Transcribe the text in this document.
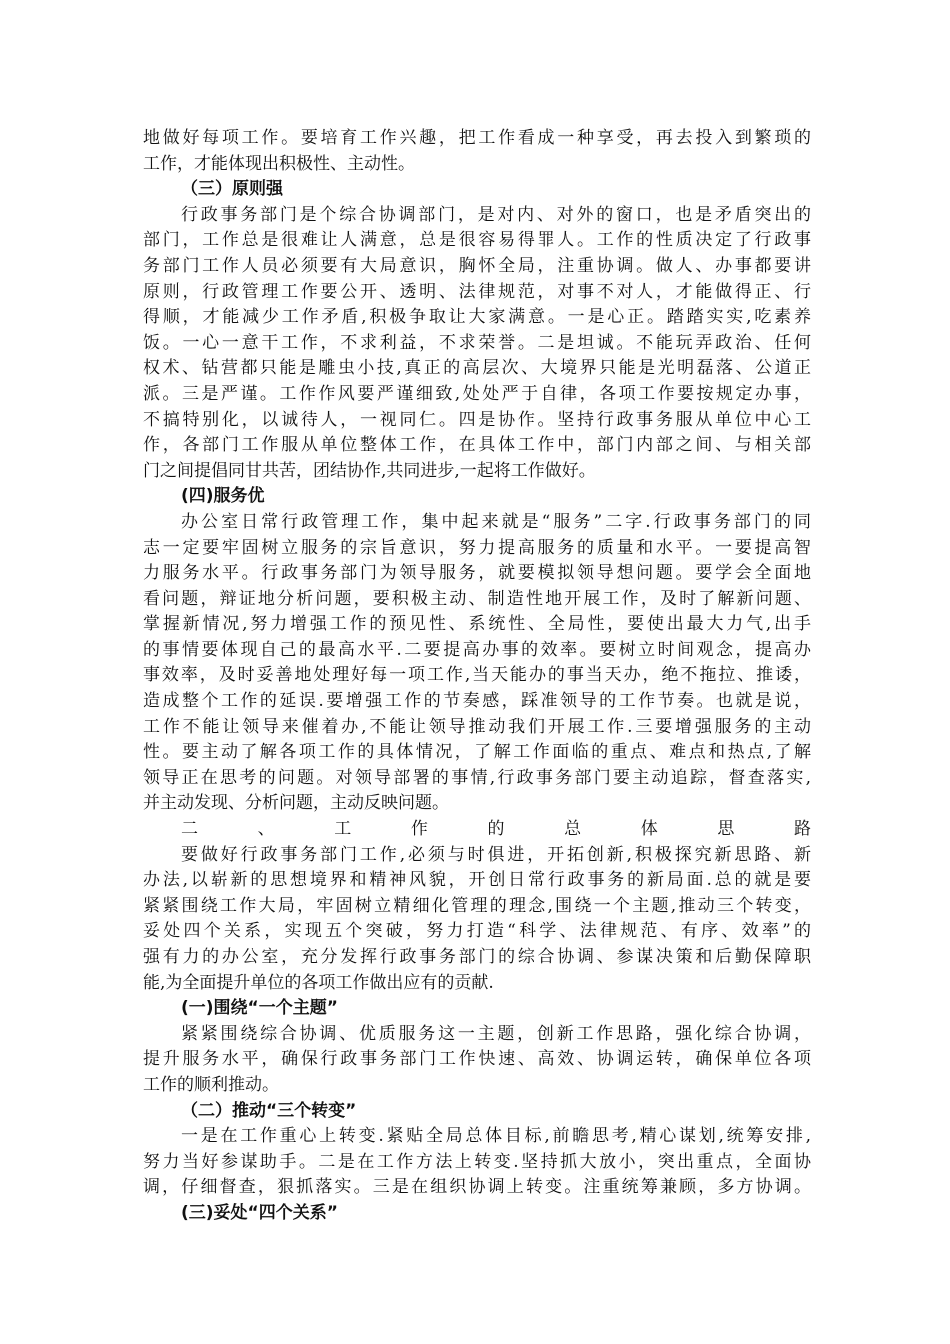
地做好每项工作。要培育工作兴趣，把工作看成一种享受，再去投入到繁琐的
工作，才能体现出积极性、主动性。
（三）原则强
行政事务部门是个综合协调部门，是对内、对外的窗口，也是矛盾突出的
部门，工作总是很难让人满意，总是很容易得罪人。工作的性质决定了行政事
务部门工作人员必须要有大局意识，胸怀全局，注重协调。做人、办事都要讲
原则，行政管理工作要公开、透明、法律规范，对事不对人，才能做得正、行
得顺，才能减少工作矛盾,积极争取让大家满意。一是心正。踏踏实实,吃素养
饭。一心一意干工作，不求利益，不求荣誉。二是坦诚。不能玩弄政治、任何
权术、钻营都只能是雕虫小技,真正的高层次、大境界只能是光明磊落、公道正
派。三是严谨。工作作风要严谨细致,处处严于自律，各项工作要按规定办事，
不搞特别化，以诚待人，一视同仁。四是协作。坚持行政事务服从单位中心工
作，各部门工作服从单位整体工作，在具体工作中，部门内部之间、与相关部
门之间提倡同甘共苦，团结协作,共同进步,一起将工作做好。
(四)服务优
办公室日常行政管理工作，集中起来就是“服务”二字.行政事务部门的同
志一定要牢固树立服务的宗旨意识，努力提高服务的质量和水平。一要提高智
力服务水平。行政事务部门为领导服务，就要模拟领导想问题。要学会全面地
看问题，辩证地分析问题，要积极主动、制造性地开展工作，及时了解新问题、
掌握新情况,努力增强工作的预见性、系统性、全局性，要使出最大力气,出手
的事情要体现自己的最高水平.二要提高办事的效率。要树立时间观念，提高办
事效率，及时妥善地处理好每一项工作,当天能办的事当天办，绝不拖拉、推诿，
造成整个工作的延误.要增强工作的节奏感，踩准领导的工作节奏。也就是说，
工作不能让领导来催着办,不能让领导推动我们开展工作.三要增强服务的主动
性。要主动了解各项工作的具体情况，了解工作面临的重点、难点和热点,了解
领导正在思考的问题。对领导部署的事情,行政事务部门要主动追踪，督查落实,
并主动发现、分析问题，主动反映问题。
二、工作的总体思路
要做好行政事务部门工作,必须与时俱进，开拓创新,积极探究新思路、新
办法,以崭新的思想境界和精神风貌，开创日常行政事务的新局面.总的就是要
紧紧围绕工作大局，牢固树立精细化管理的理念,围绕一个主题,推动三个转变，
妥处四个关系，实现五个突破，努力打造“科学、法律规范、有序、效率”的
强有力的办公室，充分发挥行政事务部门的综合协调、参谋决策和后勤保障职
能,为全面提升单位的各项工作做出应有的贡献.
(一)围绕“一个主题”
紧紧围绕综合协调、优质服务这一主题，创新工作思路，强化综合协调，
提升服务水平，确保行政事务部门工作快速、高效、协调运转，确保单位各项
工作的顺利推动。
（二）推动“三个转变”
一是在工作重心上转变.紧贴全局总体目标,前瞻思考,精心谋划,统筹安排,
努力当好参谋助手。二是在工作方法上转变.坚持抓大放小，突出重点，全面协
调，仔细督查，狠抓落实。三是在组织协调上转变。注重统筹兼顾，多方协调。
(三)妥处“四个关系”
